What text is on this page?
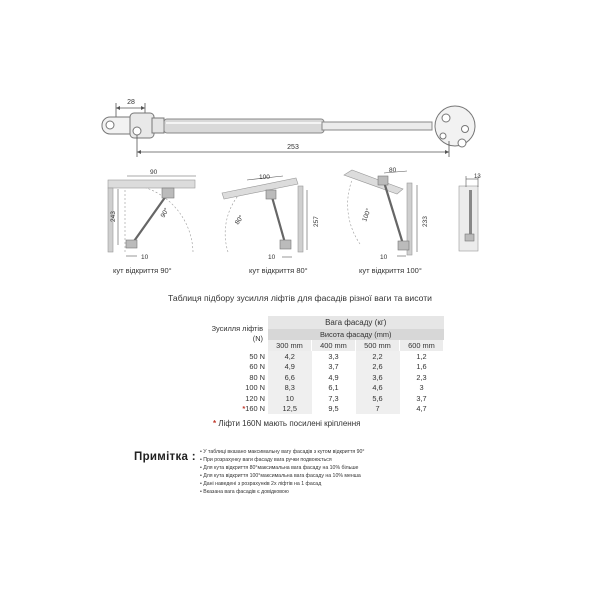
28
253
90
243
10
90°
кут відкриття 90°
100
257
10
80°
кут відкриття 80°
80
233
10
100°
кут відкриття 100°
13
Таблиця підбору зусилля ліфтів для фасадів різної ваги та висоти
Зусилля ліфтів (N)	Вага фасаду (кг)			
	Висота фасаду (mm)			
	300 mm	400 mm	500 mm	600 mm
50 N	4,2	3,3	2,2	1,2
60 N	4,9	3,7	2,6	1,6
80 N	6,6	4,9	3,6	2,3
100 N	8,3	6,1	4,6	3
120 N	10	7,3	5,6	3,7
*160 N	12,5	9,5	7	4,7
* Ліфти 160N мають посилені кріплення
Примітка :	• У таблиці вказано максимальну вагу фасадів з кутом відкриття 90°
• При розрахунку ваги фасаду вага ручки подвоюється
• Для кута відкриття 80°максимальна вага фасаду на 10% більше
• Для кута відкриття 100°максимальна вага фасаду на 10% менша
• Дані наведені з розрахунків 2х ліфтів на 1 фасад
• Вказана вага фасадів є довідковою
